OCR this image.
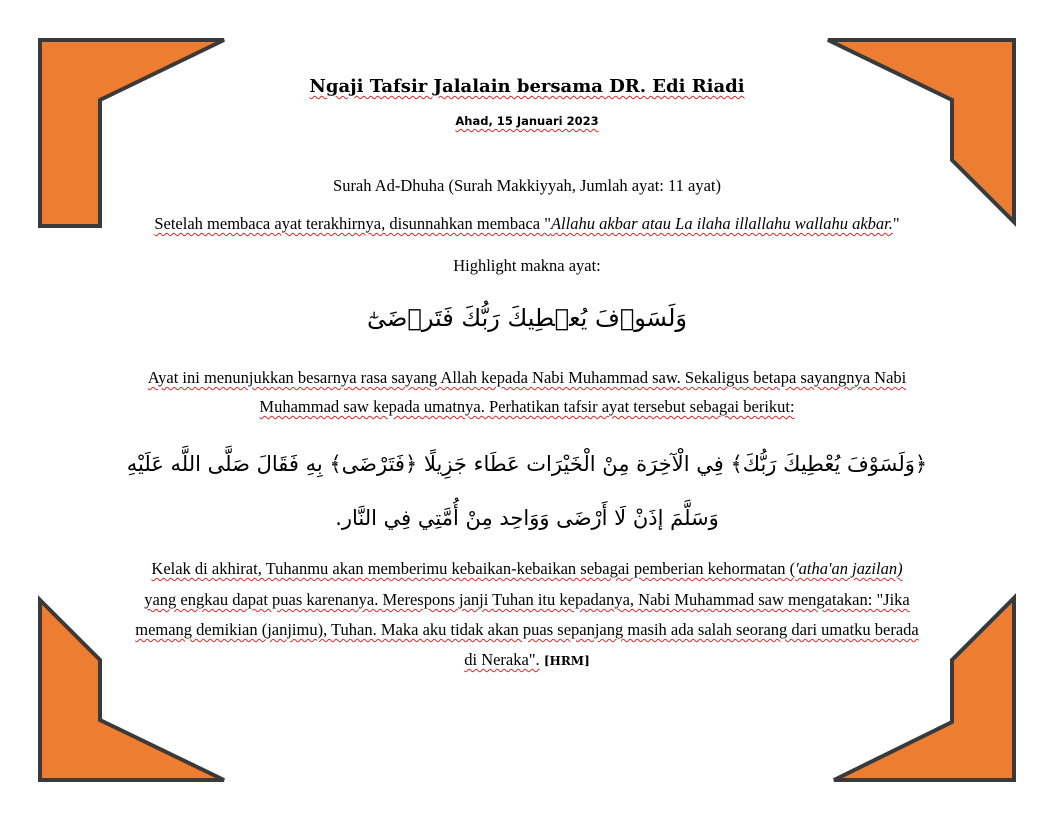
Ngaji Tafsir Jalalain bersama DR. Edi Riadi
Ahad, 15 Januari 2023
Surah Ad-Dhuha (Surah Makkiyyah, Jumlah ayat: 11 ayat)
Setelah membaca ayat terakhirnya, disunnahkan membaca "Allahu akbar atau La ilaha illallahu wallahu akbar."
Highlight makna ayat:
وَلَسَوۡفَ يُعۡطِيكَ رَبُّكَ فَتَرۡضَىٰٓ
Ayat ini menunjukkan besarnya rasa sayang Allah kepada Nabi Muhammad saw. Sekaligus betapa sayangnya Nabi
Muhammad saw kepada umatnya. Perhatikan tafsir ayat tersebut sebagai berikut:
﴿وَلَسَوْفَ يُعْطِيكَ رَبُّكَ﴾ فِي الْآخِرَة مِنْ الْخَيْرَات عَطَاء جَزِيلًا ﴿فَتَرْضَى﴾ بِهِ فَقَالَ صَلَّى اللَّه عَلَيْهِ
وَسَلَّمَ إذَنْ لَا أَرْضَى وَوَاحِد مِنْ أُمَّتِي فِي النَّار.
Kelak di akhirat, Tuhanmu akan memberimu kebaikan-kebaikan sebagai pemberian kehormatan ('atha'an jazilan)
yang engkau dapat puas karenanya. Merespons janji Tuhan itu kepadanya, Nabi Muhammad saw mengatakan: "Jika
memang demikian (janjimu), Tuhan. Maka aku tidak akan puas sepanjang masih ada salah seorang dari umatku berada
di Neraka". [HRM]
